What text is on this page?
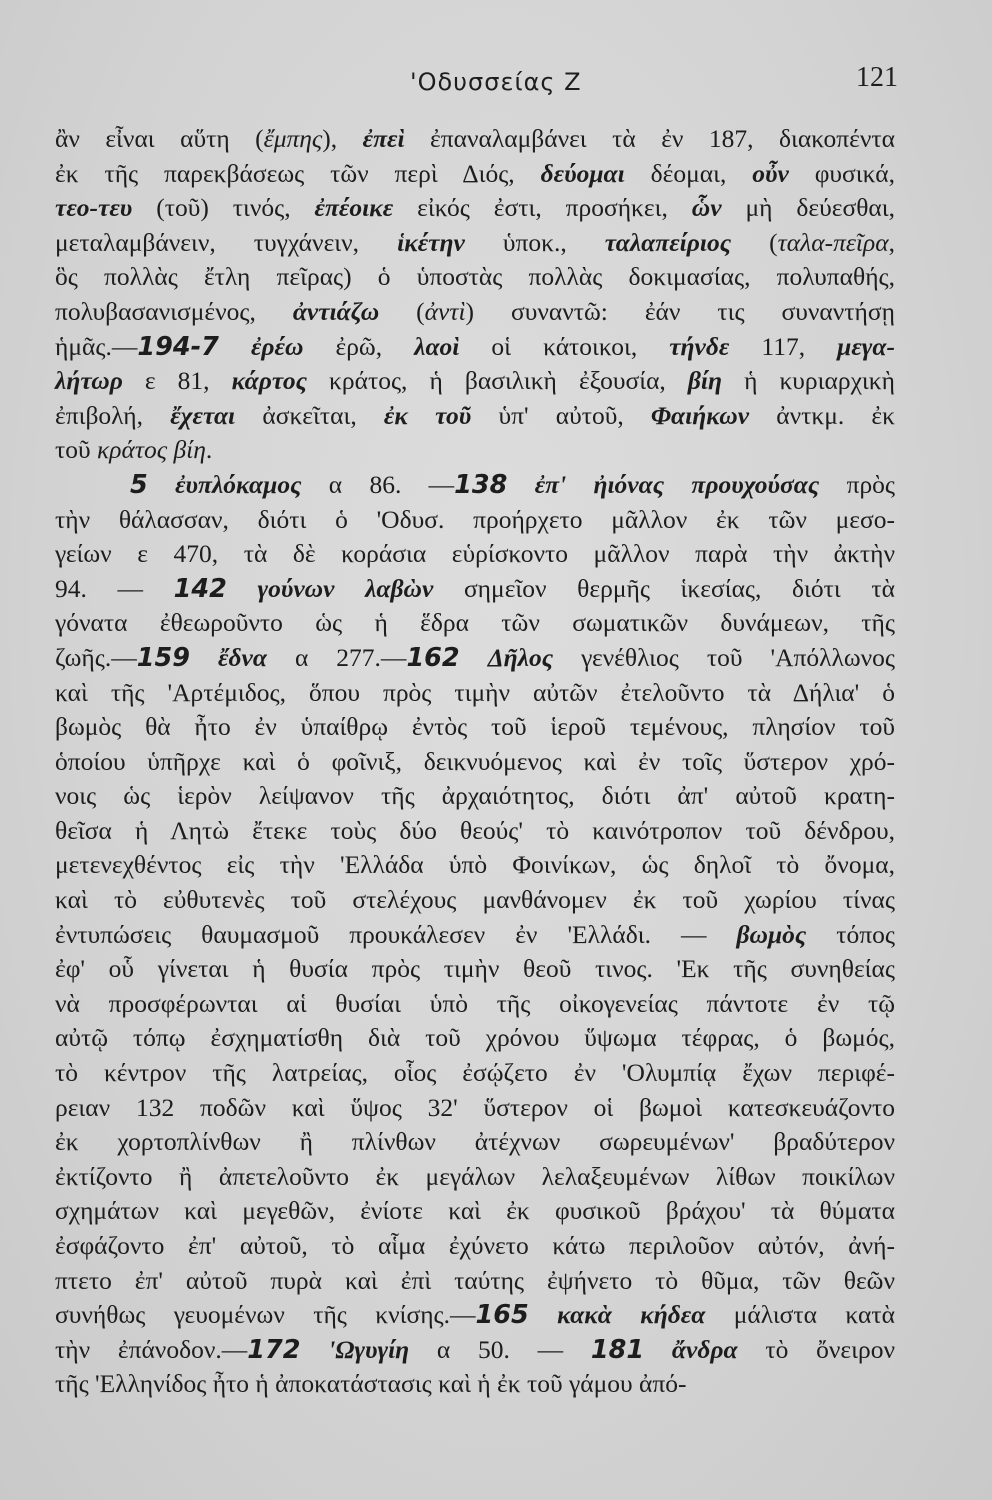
'Οδυσσείας Ζ	121
ἂν εἶναι αὕτη (ἔμπης), ἐπεὶ ἐπαναλαμβάνει τὰ ἐν 187, διακοπέντα
ἐκ τῆς παρεκβάσεως τῶν περὶ Διός, δεύομαι δέομαι, οὖν φυσικά,
τεο-τευ (τοῦ) τινός, ἐπέοικε εἰκός ἐστι, προσήκει, ὧν μὴ δεύεσθαι,
μεταλαμβάνειν, τυγχάνειν, ἱκέτην ὑποκ., ταλαπείριος (ταλα-πεῖρα,
ὃς πολλὰς ἔτλη πεῖρας) ὁ ὑποστὰς πολλὰς δοκιμασίας, πολυπαθής,
πολυβασανισμένος, ἀντιάζω (ἀντὶ) συναντῶ: ἐάν τις συναντήσῃ
ἡμᾶς.—194-7 ἐρέω ἐρῶ, λαοὶ οἱ κάτοικοι, τήνδε 117, μεγα-
λήτωρ ε 81, κάρτος κράτος, ἡ βασιλικὴ ἐξουσία, βίη ἡ κυριαρχικὴ
ἐπιβολή, ἔχεται ἀσκεῖται, ἐκ τοῦ ὑπ' αὐτοῦ, Φαιήκων ἀντκμ. ἐκ
τοῦ κράτος βίη.
5 ἐυπλόκαμος α 86. —138 ἐπ' ἠιόνας προυχούσας πρὸς
τὴν θάλασσαν, διότι ὁ 'Οδυσ. προήρχετο μᾶλλον ἐκ τῶν μεσο-
γείων ε 470, τὰ δὲ κοράσια εὑρίσκοντο μᾶλλον παρὰ τὴν ἀκτὴν
94. — 142 γούνων λαβὼν σημεῖον θερμῆς ἱκεσίας, διότι τὰ
γόνατα ἐθεωροῦντο ὡς ἡ ἕδρα τῶν σωματικῶν δυνάμεων, τῆς
ζωῆς.—159 ἔδνα α 277.—162 Δῆλος γενέθλιος τοῦ 'Απόλλωνος
καὶ τῆς 'Αρτέμιδος, ὅπου πρὸς τιμὴν αὐτῶν ἐτελοῦντο τὰ Δήλια' ὁ
βωμὸς θὰ ἦτο ἐν ὑπαίθρῳ ἐντὸς τοῦ ἱεροῦ τεμένους, πλησίον τοῦ
ὁποίου ὑπῆρχε καὶ ὁ φοῖνιξ, δεικνυόμενος καὶ ἐν τοῖς ὕστερον χρό-
νοις ὡς ἱερὸν λείψανον τῆς ἀρχαιότητος, διότι ἀπ' αὐτοῦ κρατη-
θεῖσα ἡ Λητὼ ἔτεκε τοὺς δύο θεούς' τὸ καινότροπον τοῦ δένδρου,
μετενεχθέντος εἰς τὴν 'Ελλάδα ὑπὸ Φοινίκων, ὡς δηλοῖ τὸ ὄνομα,
καὶ τὸ εὐθυτενὲς τοῦ στελέχους μανθάνομεν ἐκ τοῦ χωρίου τίνας
ἐντυπώσεις θαυμασμοῦ προυκάλεσεν ἐν 'Ελλάδι. — βωμὸς τόπος
ἐφ' οὗ γίνεται ἡ θυσία πρὸς τιμὴν θεοῦ τινος. 'Εκ τῆς συνηθείας
νὰ προσφέρωνται αἱ θυσίαι ὑπὸ τῆς οἰκογενείας πάντοτε ἐν τῷ
αὐτῷ τόπῳ ἐσχηματίσθη διὰ τοῦ χρόνου ὕψωμα τέφρας, ὁ βωμός,
τὸ κέντρον τῆς λατρείας, οἷος ἐσῴζετο ἐν 'Ολυμπίᾳ ἔχων περιφέ-
ρειαν 132 ποδῶν καὶ ὕψος 32' ὕστερον οἱ βωμοὶ κατεσκευάζοντο
ἐκ χορτοπλίνθων ἢ πλίνθων ἀτέχνων σωρευμένων' βραδύτερον
ἐκτίζοντο ἢ ἀπετελοῦντο ἐκ μεγάλων λελαξευμένων λίθων ποικίλων
σχημάτων καὶ μεγεθῶν, ἐνίοτε καὶ ἐκ φυσικοῦ βράχου' τὰ θύματα
ἐσφάζοντο ἐπ' αὐτοῦ, τὸ αἷμα ἐχύνετο κάτω περιλοῦον αὐτόν, ἀνή-
πτετο ἐπ' αὐτοῦ πυρὰ καὶ ἐπὶ ταύτης ἐψήνετο τὸ θῦμα, τῶν θεῶν
συνήθως γευομένων τῆς κνίσης.—165 κακὰ κήδεα μάλιστα κατὰ
τὴν ἐπάνοδον.—172 'Ωγυγίη α 50. — 181 ἄνδρα τὸ ὄνειρον
τῆς 'Ελληνίδος ἦτο ἡ ἀποκατάστασις καὶ ἡ ἐκ τοῦ γάμου ἀπό-
